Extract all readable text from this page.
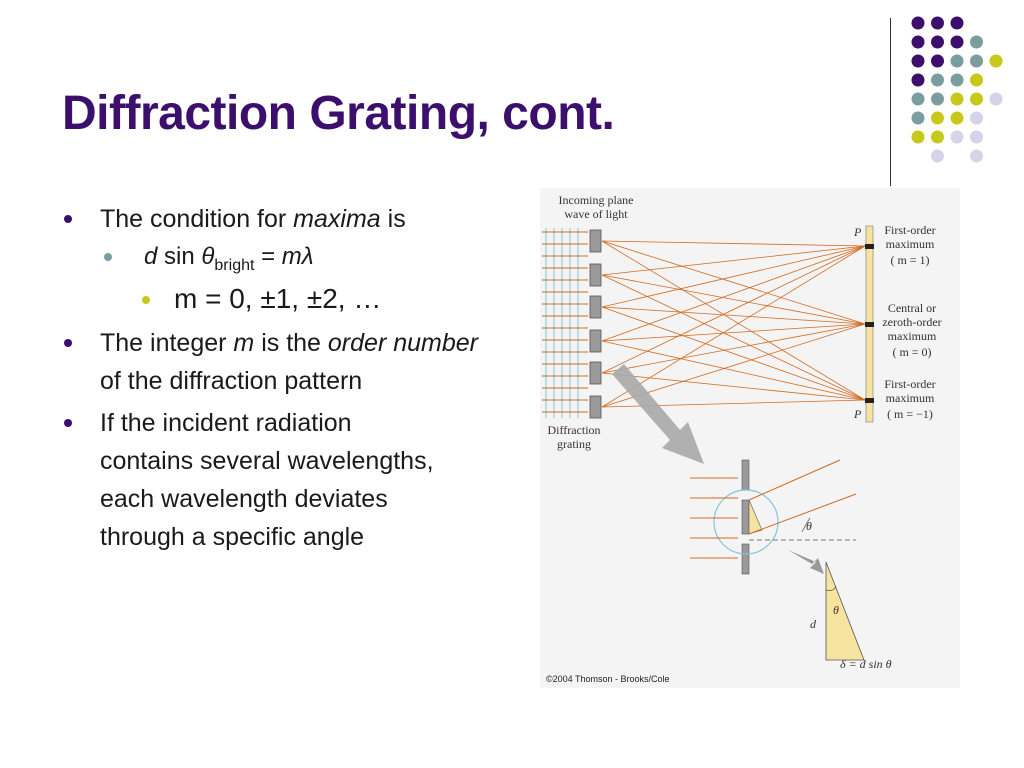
Diffraction Grating, cont.
The condition for maxima is
d $\sin \theta_{bright} = m\lambda$
m = 0, ±1, ±2, …
The integer m is the order number of the diffraction pattern
If the incident radiation contains several wavelengths, each wavelength deviates through a specific angle
Incoming plane
wave of light
Diffraction
grating
P
P
First-order
maximum
( m = 1)
Central or
zeroth-order
maximum
( m = 0)
First-order
maximum
( m = −1)
θ
θ
d
δ = d sin θ
©2004 Thomson - Brooks/Cole
